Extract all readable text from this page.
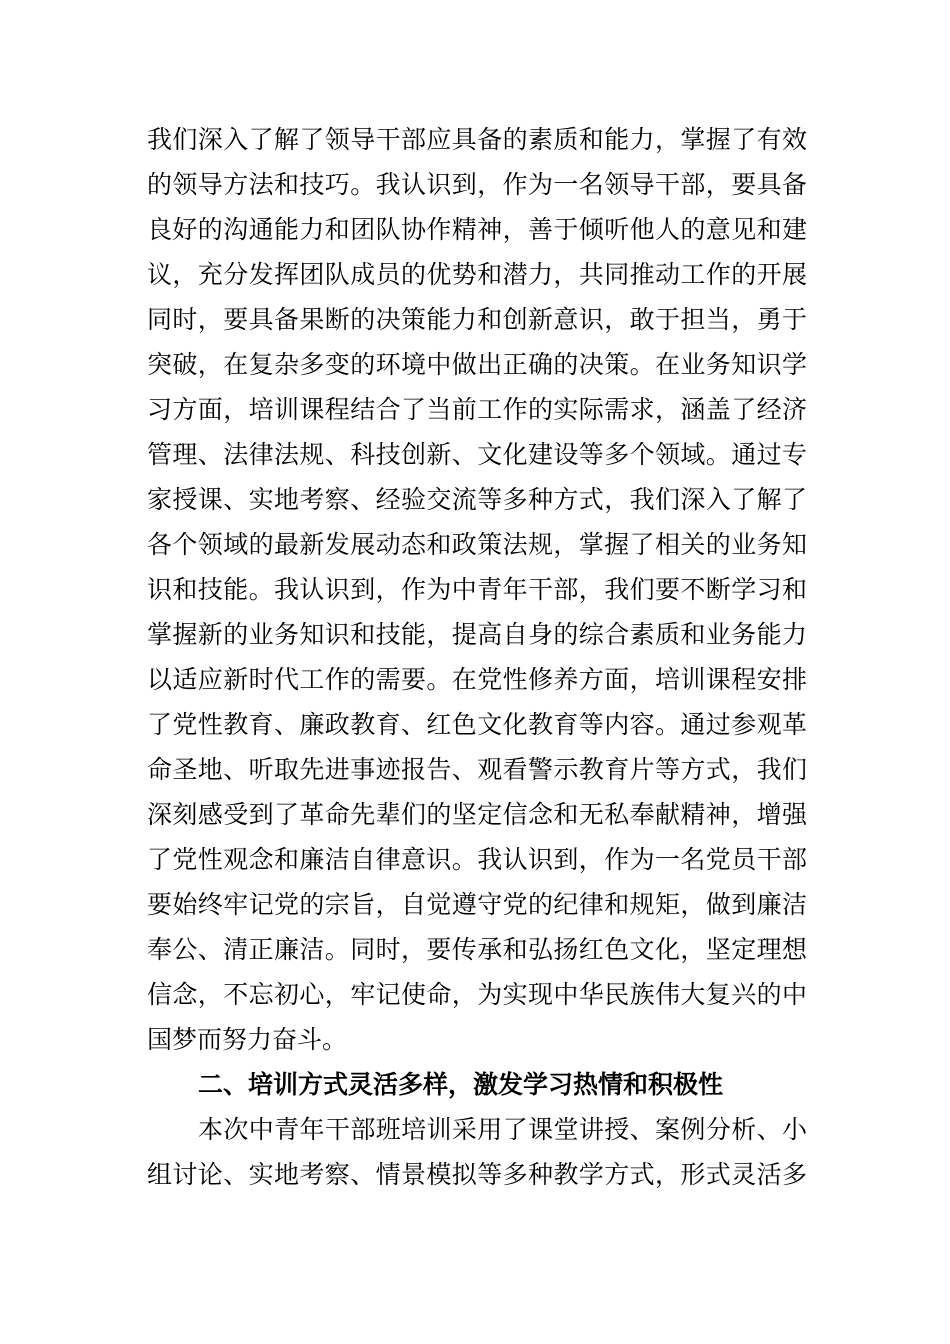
我们深入了解了领导干部应具备的素质和能力，掌握了有效
的领导方法和技巧。我认识到，作为一名领导干部，要具备
良好的沟通能力和团队协作精神，善于倾听他人的意见和建
议，充分发挥团队成员的优势和潜力，共同推动工作的开展
同时，要具备果断的决策能力和创新意识，敢于担当，勇于
突破，在复杂多变的环境中做出正确的决策。在业务知识学
习方面，培训课程结合了当前工作的实际需求，涵盖了经济
管理、法律法规、科技创新、文化建设等多个领域。通过专
家授课、实地考察、经验交流等多种方式，我们深入了解了
各个领域的最新发展动态和政策法规，掌握了相关的业务知
识和技能。我认识到，作为中青年干部，我们要不断学习和
掌握新的业务知识和技能，提高自身的综合素质和业务能力
以适应新时代工作的需要。在党性修养方面，培训课程安排
了党性教育、廉政教育、红色文化教育等内容。通过参观革
命圣地、听取先进事迹报告、观看警示教育片等方式，我们
深刻感受到了革命先辈们的坚定信念和无私奉献精神，增强
了党性观念和廉洁自律意识。我认识到，作为一名党员干部
要始终牢记党的宗旨，自觉遵守党的纪律和规矩，做到廉洁
奉公、清正廉洁。同时，要传承和弘扬红色文化，坚定理想
信念，不忘初心，牢记使命，为实现中华民族伟大复兴的中
国梦而努力奋斗。
二、培训方式灵活多样，激发学习热情和积极性
本次中青年干部班培训采用了课堂讲授、案例分析、小
组讨论、实地考察、情景模拟等多种教学方式，形式灵活多
